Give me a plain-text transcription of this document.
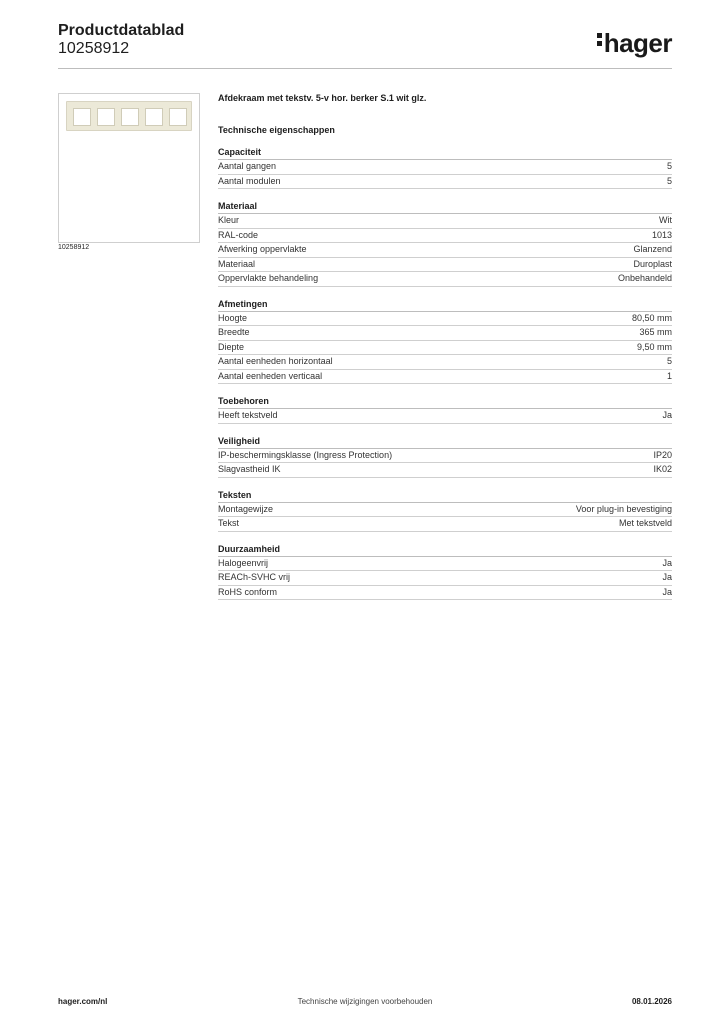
Productdatablad
10258912	hager
10258912
Afdekraam met tekstv. 5-v hor. berker S.1 wit glz.
Technische eigenschappen
Capaciteit
Aantal gangen	5
Aantal modulen	5
Materiaal
Kleur	Wit
RAL-code	1013
Afwerking oppervlakte	Glanzend
Materiaal	Duroplast
Oppervlakte behandeling	Onbehandeld
Afmetingen
Hoogte	80,50 mm
Breedte	365 mm
Diepte	9,50 mm
Aantal eenheden horizontaal	5
Aantal eenheden verticaal	1
Toebehoren
Heeft tekstveld	Ja
Veiligheid
IP-beschermingsklasse (Ingress Protection)	IP20
Slagvastheid IK	IK02
Teksten
Montagewijze	Voor plug-in bevestiging
Tekst	Met tekstveld
Duurzaamheid
Halogeenvrij	Ja
REACh-SVHC vrij	Ja
RoHS conform	Ja
hager.com/nl	Technische wijzigingen voorbehouden	08.01.2026
